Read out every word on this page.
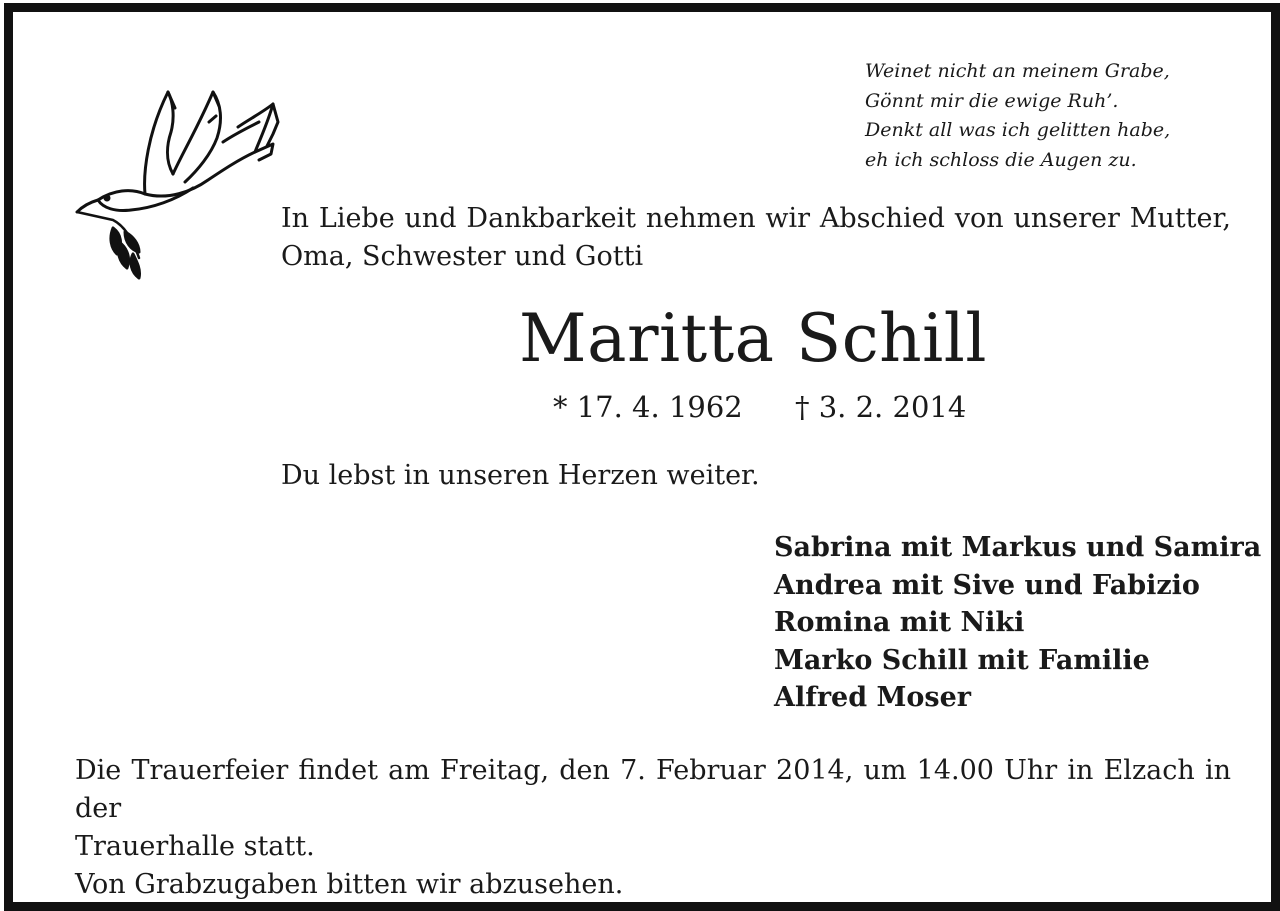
Weinet nicht an meinem Grabe,
Gönnt mir die ewige Ruh’.
Denkt all was ich gelitten habe,
eh ich schloss die Augen zu.
In Liebe und Dankbarkeit nehmen wir Abschied von unserer Mutter, Oma, Schwester und Gotti
Maritta Schill
* 17. 4. 1962 † 3. 2. 2014
Du lebst in unseren Herzen weiter.
Sabrina mit Markus und Samira
Andrea mit Sive und Fabizio
Romina mit Niki
Marko Schill mit Familie
Alfred Moser
Die Trauerfeier findet am Freitag, den 7. Februar 2014, um 14.00 Uhr in Elzach in der
Trauerhalle statt.
Von Grabzugaben bitten wir abzusehen.
